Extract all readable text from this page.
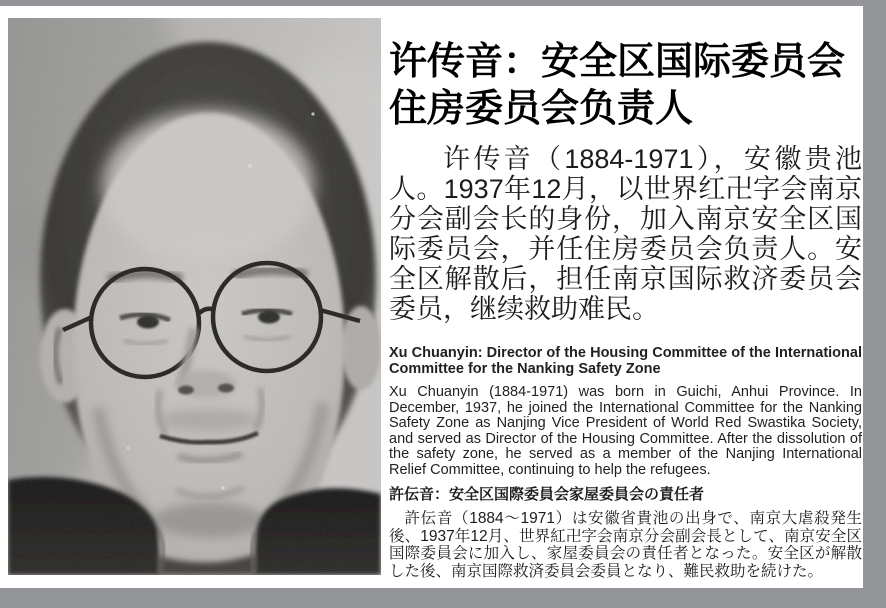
许传音：安全区国际委员会
住房委员会负责人

许传音（1884-1971），安徽贵池人。1937年12月，以世界红卍字会南京分会副会长的身份，加入南京安全区国际委员会，并任住房委员会负责人。安全区解散后，担任南京国际救济委员会委员，继续救助难民。

Xu Chuanyin: Director of the Housing Committee of the International Committee for the Nanking Safety Zone

Xu Chuanyin (1884-1971) was born in Guichi, Anhui Province. In December, 1937, he joined the International Committee for the Nanking Safety Zone as Nanjing Vice President of World Red Swastika Society, and served as Director of the Housing Committee. After the dissolution of the safety zone, he served as a member of the Nanjing International Relief Committee, continuing to help the refugees.

許伝音：安全区国際委員会家屋委員会の責任者

許伝音（1884～1971）は安徽省貴池の出身で、南京大虐殺発生後、1937年12月、世界紅卍字会南京分会副会長として、南京安全区国際委員会に加入し、家屋委員会の責任者となった。安全区が解散した後、南京国際救済委員会委員となり、難民救助を続けた。
